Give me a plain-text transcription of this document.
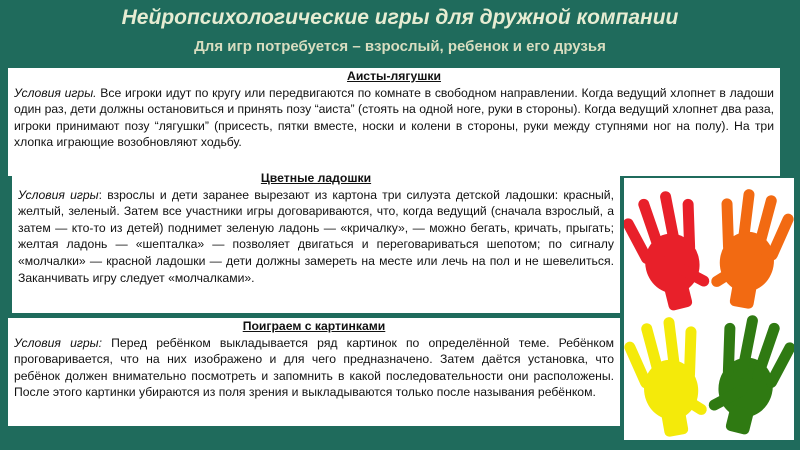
Нейропсихологические игры для дружной компании
Для игр потребуется – взрослый, ребенок и его друзья
Аисты-лягушки
Условия игры. Все игроки идут по кругу или передвигаются по комнате в свободном направлении. Когда ведущий хлопнет в ладоши один раз, дети должны остановиться и принять позу “аиста” (стоять на одной ноге, руки в стороны). Когда ведущий хлопнет два раза, игроки принимают позу “лягушки” (присесть, пятки вместе, носки и колени в стороны, руки между ступнями ног на полу). На три хлопка играющие возобновляют ходьбу.
Цветные ладошки
Условия игры: взрослы и дети заранее вырезают из картона три силуэта детской ладошки: красный, желтый, зеленый. Затем все участники игры договариваются, что, когда ведущий (сначала взрослый, а затем — кто-то из детей) поднимет зеленую ладонь — «кричалку», — можно бегать, кричать, прыгать; желтая ладонь — «шепталка» — позволяет двигаться и переговариваться шепотом; по сигналу «молчалки» — красной ладошки — дети должны замереть на месте или лечь на пол и не шевелиться. Заканчивать игру следует «молчалками».
Поиграем с картинками
Условия игры: Перед ребёнком выкладывается ряд картинок по определённой теме. Ребёнком проговаривается, что на них изображено и для чего предназначено. Затем даётся установка, что ребёнок должен внимательно посмотреть и запомнить в какой последовательности они расположены. После этого картинки убираются из поля зрения и выкладываются только после называния ребёнком.
